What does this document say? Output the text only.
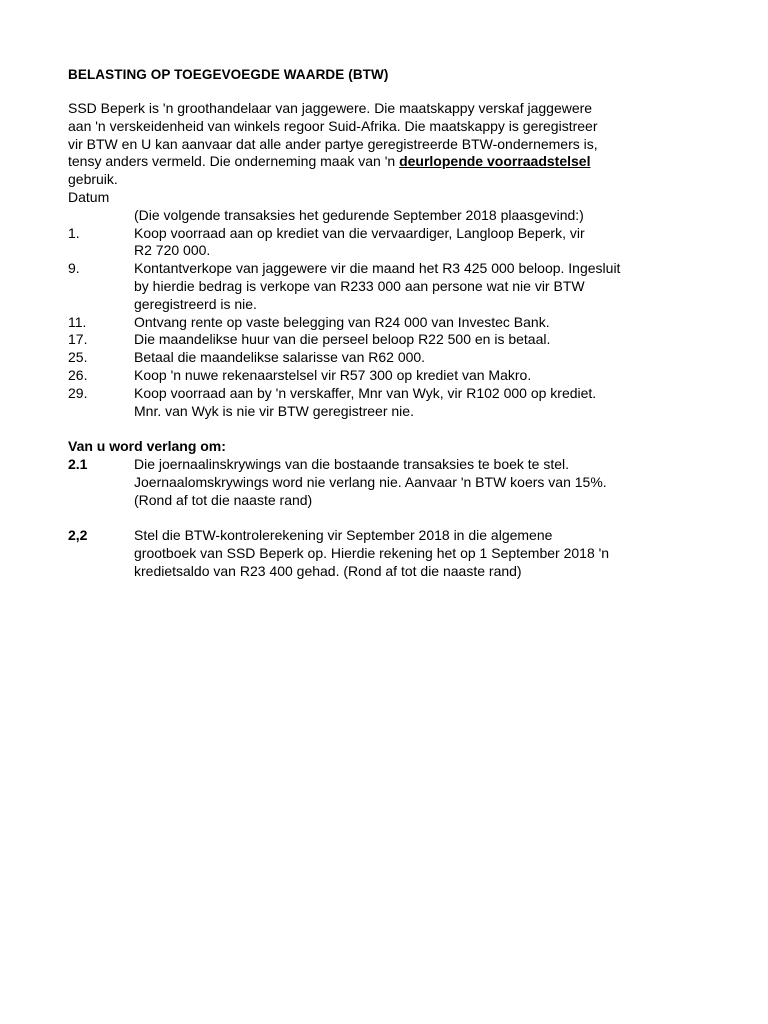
BELASTING OP TOEGEVOEGDE WAARDE (BTW)

SSD Beperk is 'n groothandelaar van jaggewere. Die maatskappy verskaf jaggewere
aan 'n verskeidenheid van winkels regoor Suid-Afrika. Die maatskappy is geregistreer
vir BTW en U kan aanvaar dat alle ander partye geregistreerde BTW-ondernemers is,
tensy anders vermeld. Die onderneming maak van 'n deurlopende voorraadstelsel
gebruik.

Datum
(Die volgende transaksies het gedurende September 2018 plaasgevind:)
1.	Koop voorraad aan op krediet van die vervaardiger, Langloop Beperk, vir
R2 720 000.
9.	Kontantverkope van jaggewere vir die maand het R3 425 000 beloop. Ingesluit
by hierdie bedrag is verkope van R233 000 aan persone wat nie vir BTW
geregistreerd is nie.
11.	Ontvang rente op vaste belegging van R24 000 van Investec Bank.
17.	Die maandelikse huur van die perseel beloop R22 500 en is betaal.
25.	Betaal die maandelikse salarisse van R62 000.
26.	Koop 'n nuwe rekenaarstelsel vir R57 300 op krediet van Makro.
29.	Koop voorraad aan by 'n verskaffer, Mnr van Wyk, vir R102 000 op krediet.
Mnr. van Wyk is nie vir BTW geregistreer nie.
Van u word verlang om:
2.1	Die joernaalinskrywings van die bostaande transaksies te boek te stel.
Joernaalomskrywings word nie verlang nie. Aanvaar 'n BTW koers van 15%.
(Rond af tot die naaste rand)
2,2	Stel die BTW-kontrolerekening vir September 2018 in die algemene
grootboek van SSD Beperk op. Hierdie rekening het op 1 September 2018 'n
kredietsaldo van R23 400 gehad. (Rond af tot die naaste rand)
